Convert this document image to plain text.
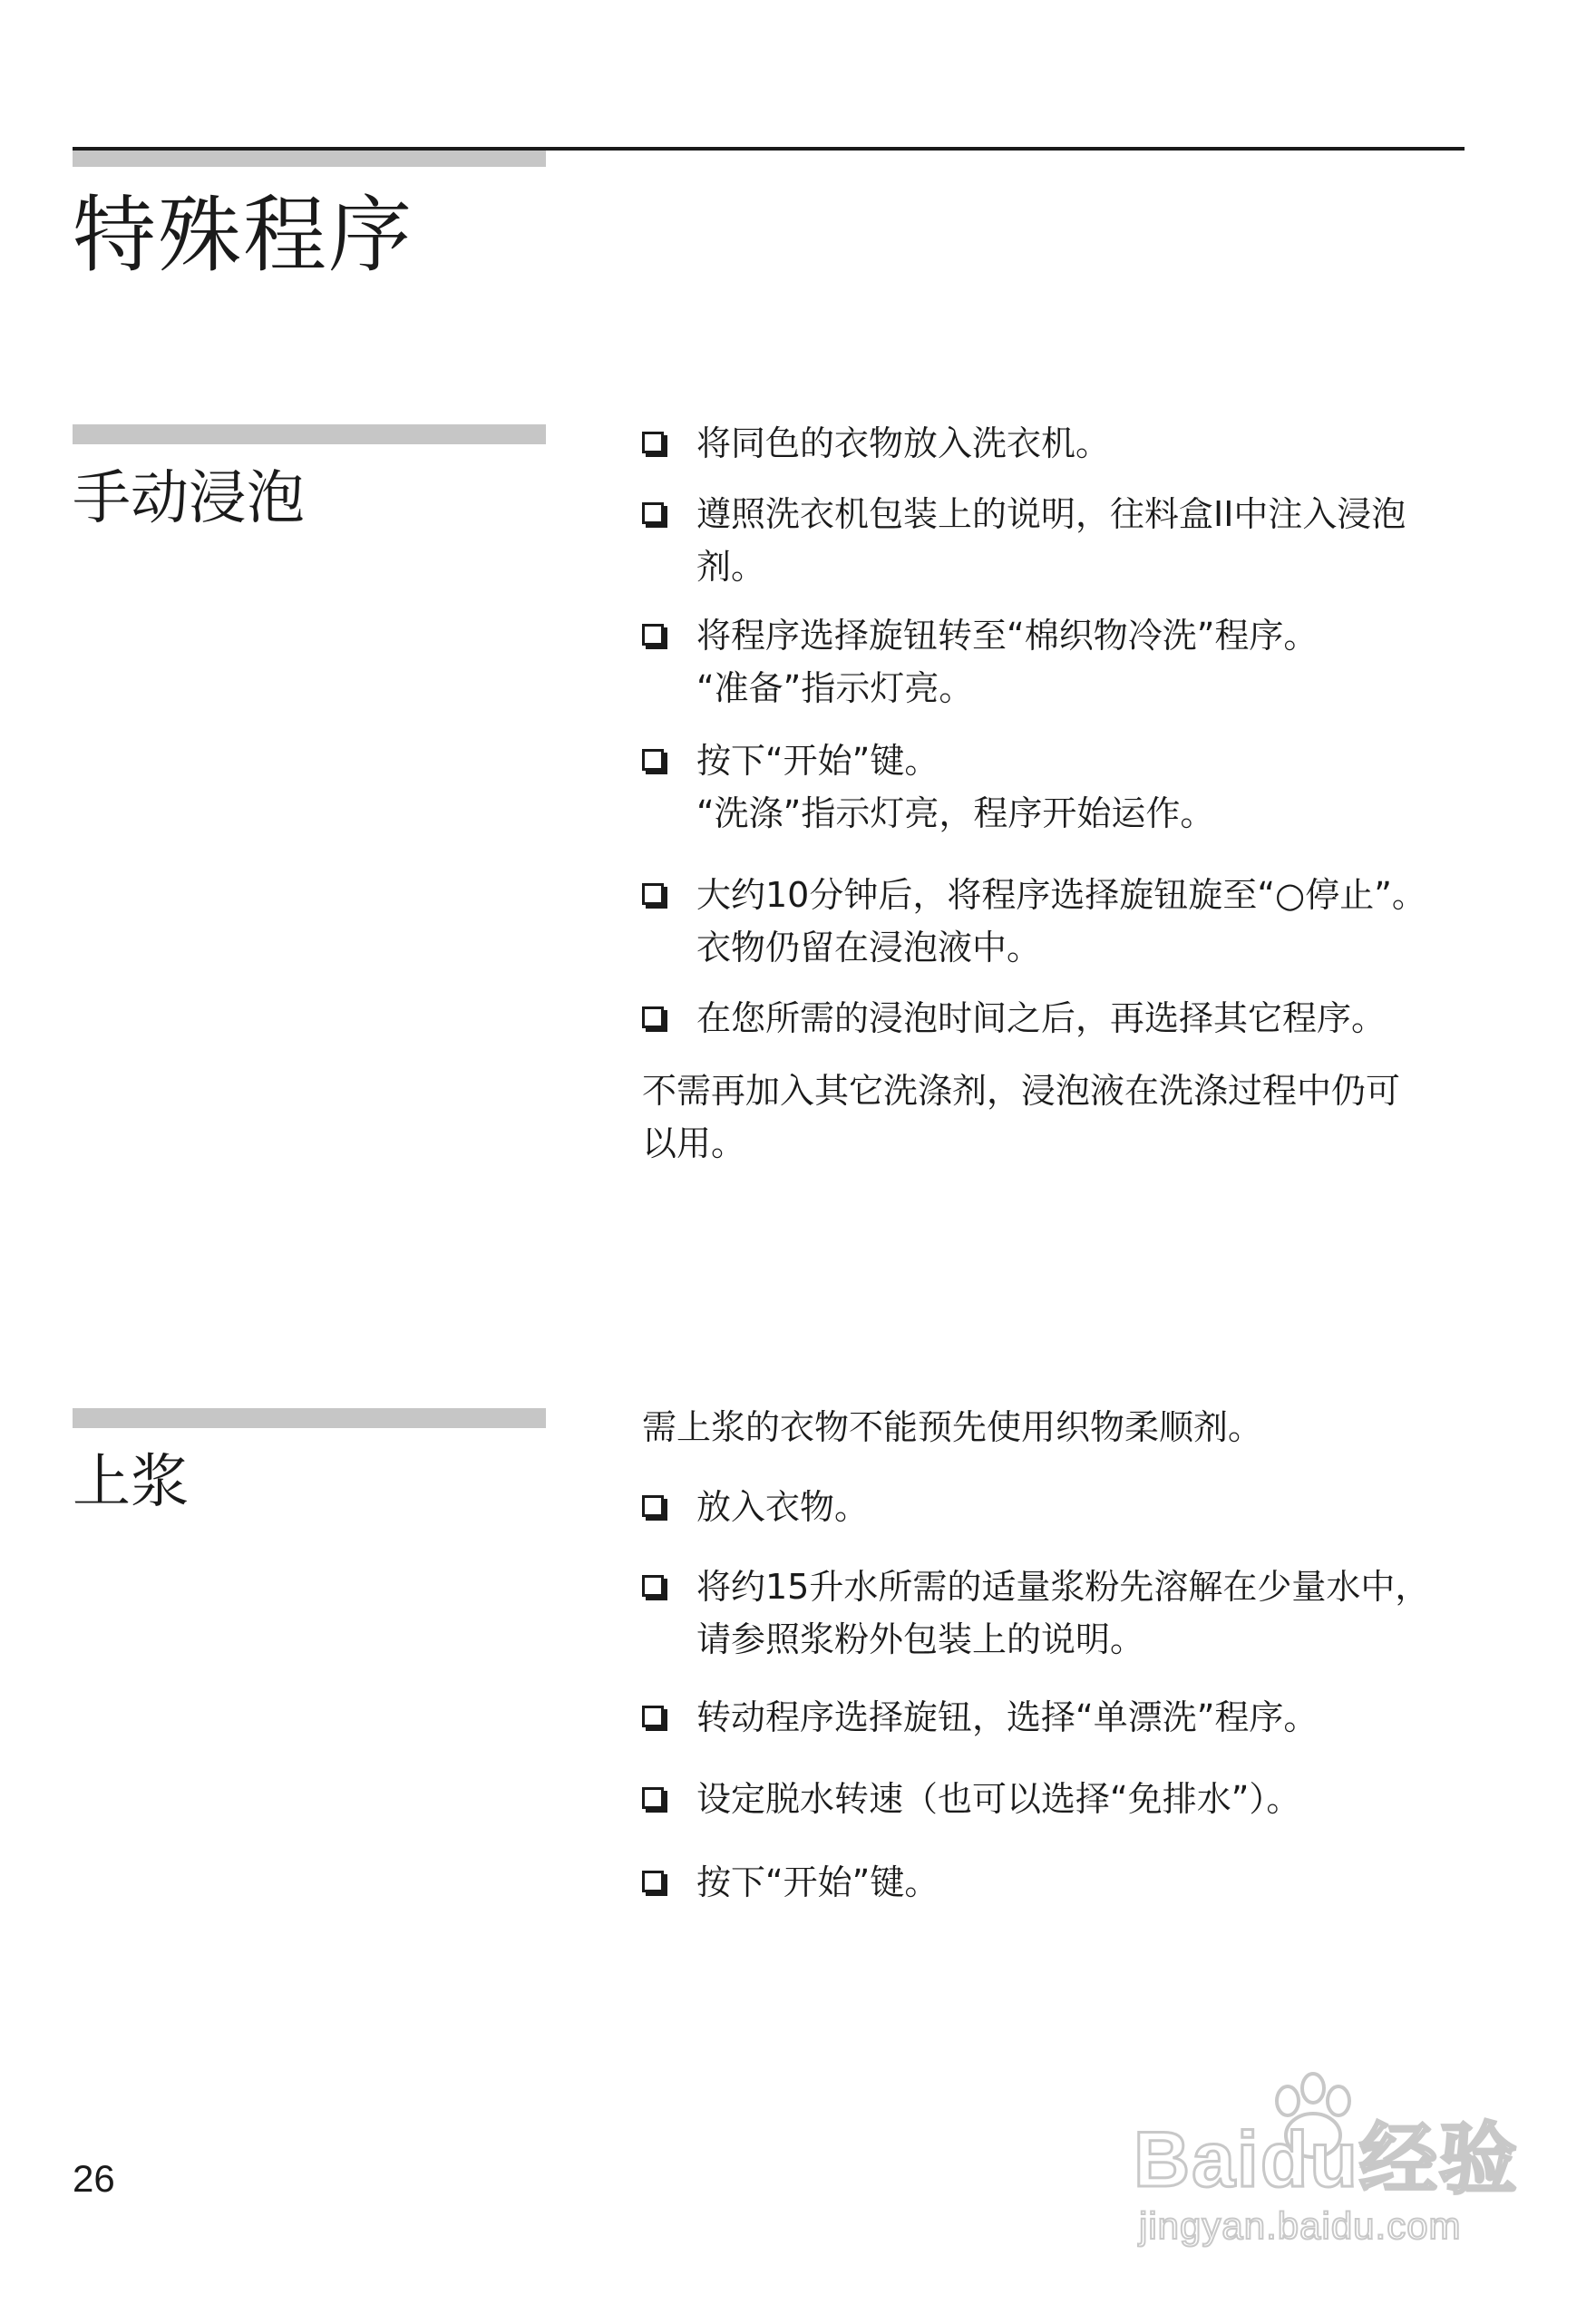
特殊程序
手动浸泡
将同色的衣物放入洗衣机。
遵照洗衣机包装上的说明，往料盒II中注入浸泡
剂。
将程序选择旋钮转至“棉织物冷洗”程序。
“准备”指示灯亮。
按下“开始”键。
“洗涤”指示灯亮，程序开始运作。
大约10分钟后，将程序选择旋钮旋至“○停止”。
衣物仍留在浸泡液中。
在您所需的浸泡时间之后，再选择其它程序。

不需再加入其它洗涤剂，浸泡液在洗涤过程中仍可
以用。

上浆

需上浆的衣物不能预先使用织物柔顺剂。

放入衣物。
将约15升水所需的适量浆粉先溶解在少量水中，
请参照浆粉外包装上的说明。
转动程序选择旋钮，选择“单漂洗”程序。
设定脱水转速（也可以选择“免排水”）。
按下“开始”键。
26	Baidu经验
jingyan.baidu.com
